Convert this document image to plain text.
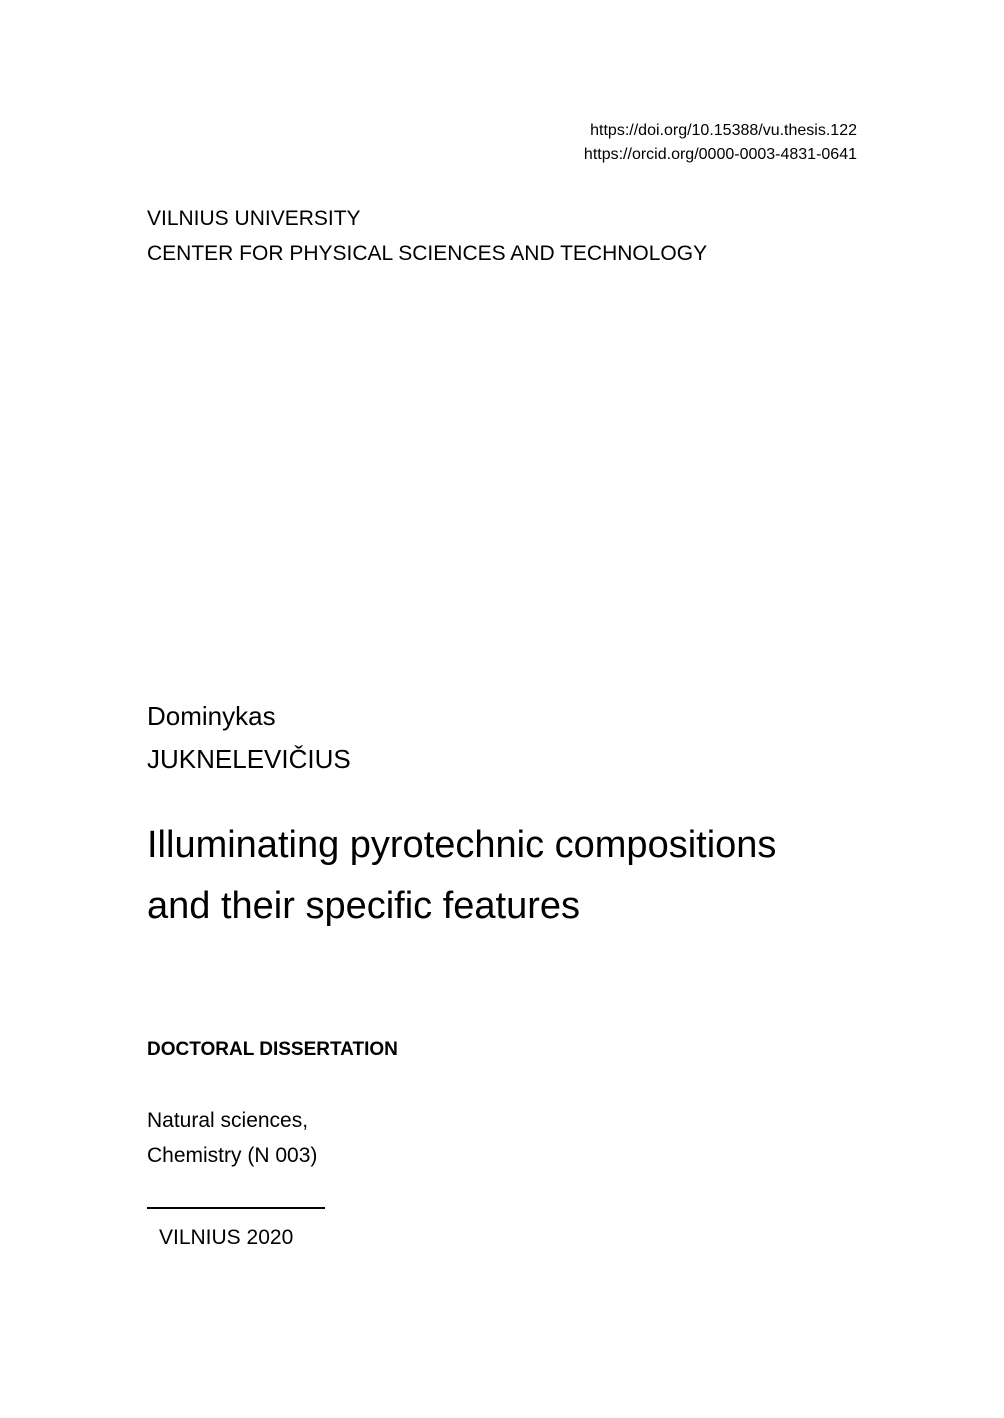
https://doi.org/10.15388/vu.thesis.122
https://orcid.org/0000-0003-4831-0641
VILNIUS UNIVERSITY
CENTER FOR PHYSICAL SCIENCES AND TECHNOLOGY
Dominykas
JUKNELEVIČIUS
Illuminating pyrotechnic compositions
and their specific features
DOCTORAL DISSERTATION
Natural sciences,
Chemistry (N 003)
VILNIUS 2020
